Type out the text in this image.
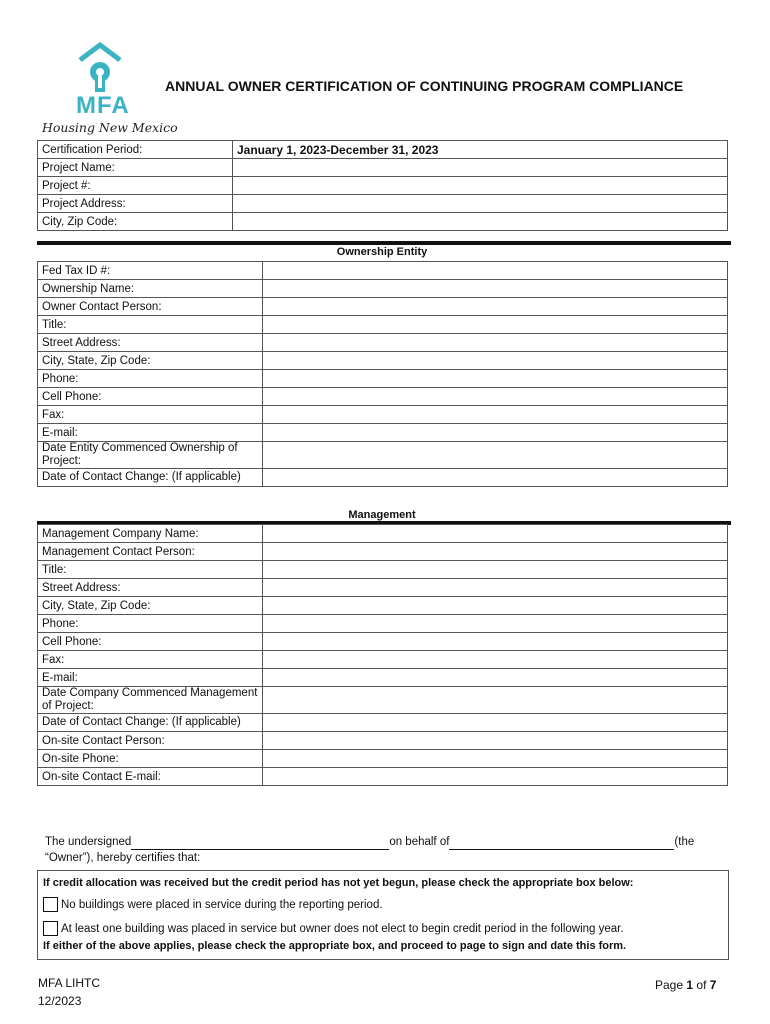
MFA
Housing New Mexico
ANNUAL OWNER CERTIFICATION OF CONTINUING PROGRAM COMPLIANCE
Certification Period:	January 1, 2023-December 31, 2023
Project Name:	
Project #:	
Project Address:	
City, Zip Code:	
Ownership Entity
Fed Tax ID #:	
Ownership Name:	
Owner Contact Person:	
Title:	
Street Address:	
City, State, Zip Code:	
Phone:	
Cell Phone:	
Fax:	
E-mail:	
Date Entity Commenced Ownership of Project:	
Date of Contact Change: (If applicable)	
Management
Management Company Name:	
Management Contact Person:	
Title:	
Street Address:	
City, State, Zip Code:	
Phone:	
Cell Phone:	
Fax:	
E-mail:	
Date Company Commenced Management of Project:	
Date of Contact Change: (If applicable)	
On-site Contact Person:	
On-site Phone:	
On-site Contact E-mail:	
The undersigned	on behalf of	(the
“Owner”), hereby certifies that:
If credit allocation was received but the credit period has not yet begun, please check the appropriate box below:
No buildings were placed in service during the reporting period.
At least one building was placed in service but owner does not elect to begin credit period in the following year.
If either of the above applies, please check the appropriate box, and proceed to page to sign and date this form.
MFA LIHTC
12/2023
Page 1 of 7
